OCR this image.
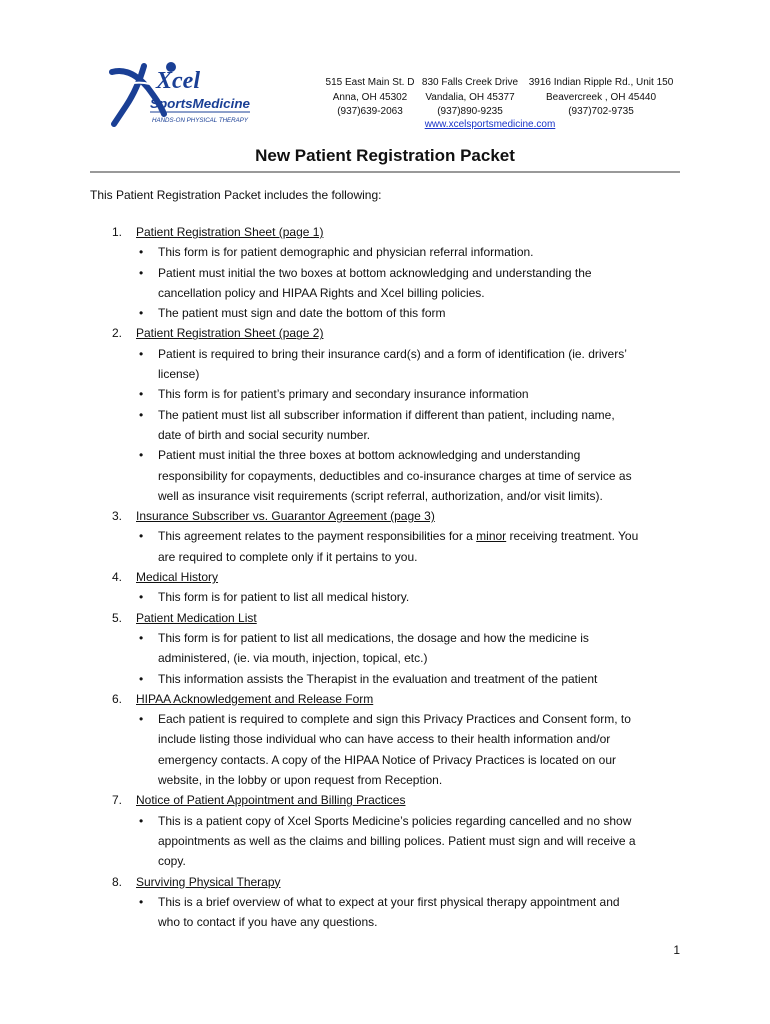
Xcel
SportsMedicine
HANDS-ON PHYSICAL THERAPY
515 East Main St. D
Anna, OH 45302
(937)639-2063
830 Falls Creek Drive
Vandalia, OH 45377
(937)890-9235
3916 Indian Ripple Rd., Unit 150
Beavercreek , OH 45440
(937)702-9735
www.xcelsportsmedicine.com
New Patient Registration Packet
This Patient Registration Packet includes the following:
1. Patient Registration Sheet (page 1)
• This form is for patient demographic and physician referral information.
• Patient must initial the two boxes at bottom acknowledging and understanding the
cancellation policy and HIPAA Rights and Xcel billing policies.
• The patient must sign and date the bottom of this form
2. Patient Registration Sheet (page 2)
• Patient is required to bring their insurance card(s) and a form of identification (ie. drivers’
license)
• This form is for patient’s primary and secondary insurance information
• The patient must list all subscriber information if different than patient, including name,
date of birth and social security number.
• Patient must initial the three boxes at bottom acknowledging and understanding
responsibility for copayments, deductibles and co-insurance charges at time of service as
well as insurance visit requirements (script referral, authorization, and/or visit limits).
3. Insurance Subscriber vs. Guarantor Agreement (page 3)
• This agreement relates to the payment responsibilities for a minor receiving treatment. You
are required to complete only if it pertains to you.
4. Medical History
• This form is for patient to list all medical history.
5. Patient Medication List
• This form is for patient to list all medications, the dosage and how the medicine is
administered, (ie. via mouth, injection, topical, etc.)
• This information assists the Therapist in the evaluation and treatment of the patient
6. HIPAA Acknowledgement and Release Form
• Each patient is required to complete and sign this Privacy Practices and Consent form, to
include listing those individual who can have access to their health information and/or
emergency contacts. A copy of the HIPAA Notice of Privacy Practices is located on our
website, in the lobby or upon request from Reception.
7. Notice of Patient Appointment and Billing Practices
• This is a patient copy of Xcel Sports Medicine’s policies regarding cancelled and no show
appointments as well as the claims and billing polices. Patient must sign and will receive a
copy.
8. Surviving Physical Therapy
• This is a brief overview of what to expect at your first physical therapy appointment and
who to contact if you have any questions.
1
